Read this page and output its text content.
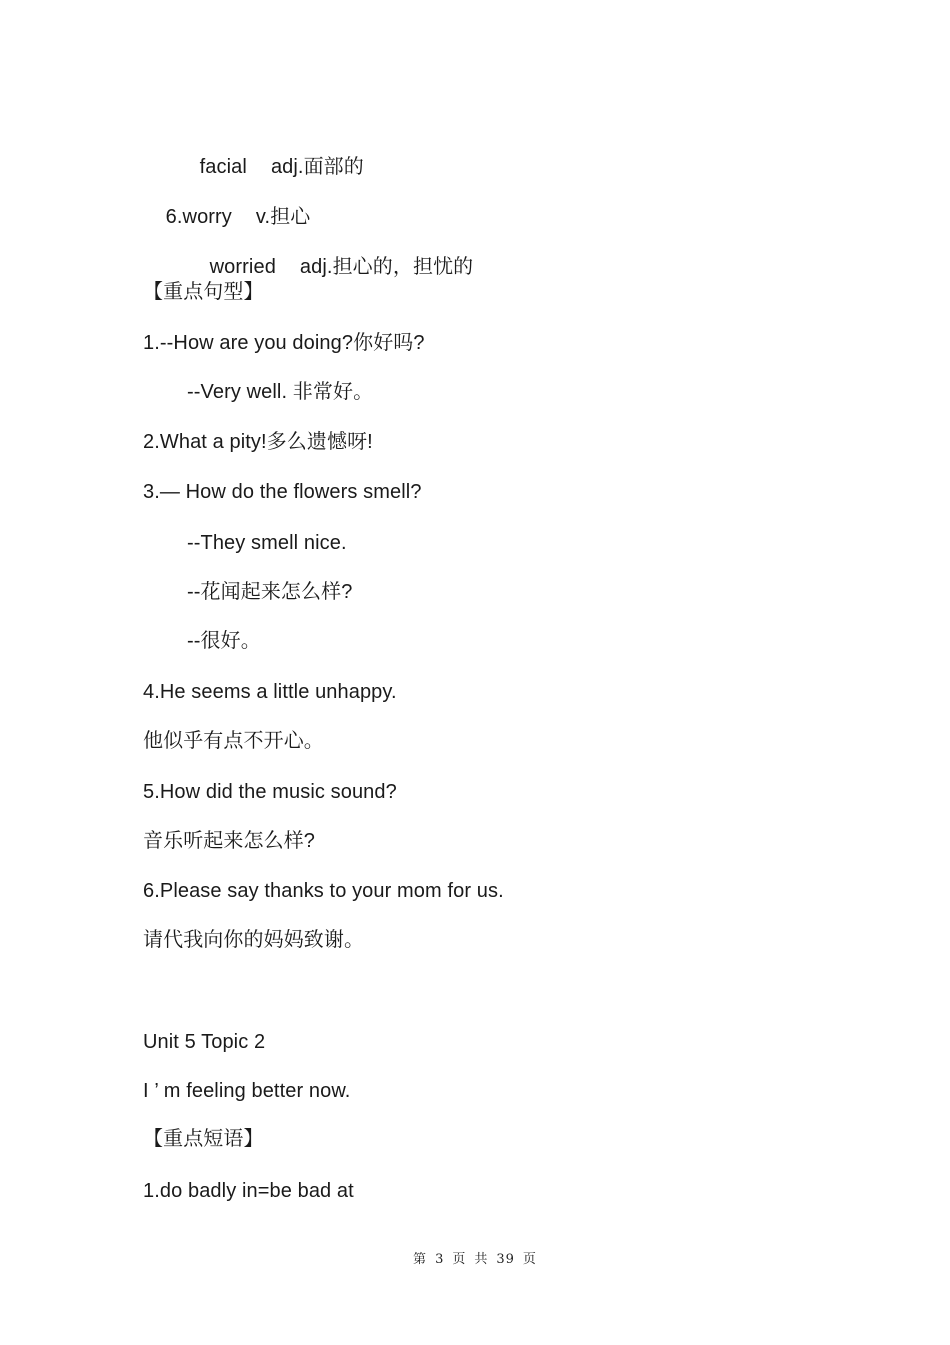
facial adj.面部的

6.worry v.担心

worried adj.担心的，担忧的

【重点句型】
1.--How are you doing?你好吗?
--Very well. 非常好。
2.What a pity!多么遗憾呀!
3.— How do the flowers smell?
--They smell nice.
--花闻起来怎么样?
--很好。
4.He seems a little unhappy.
他似乎有点不开心。
5.How did the music sound?
音乐听起来怎么样?
6.Please say thanks to your mom for us.
请代我向你的妈妈致谢。
Unit 5 Topic 2
I ’ m feeling better now.
【重点短语】
1.do badly in=be bad at
第 3 页 共 39 页
